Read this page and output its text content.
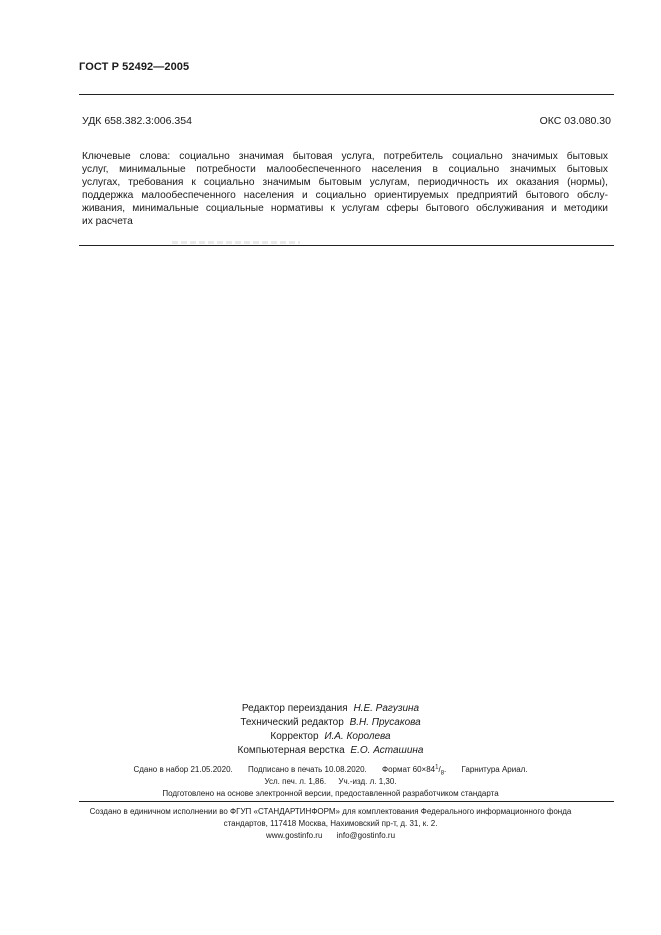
ГОСТ Р 52492—2005
УДК 658.382.3:006.354	ОКС 03.080.30
Ключевые слова: социально значимая бытовая услуга, потребитель социально значимых бытовых
услуг, минимальные потребности малообеспеченного населения в социально значимых бытовых
услугах, требования к социально значимым бытовым услугам, периодичность их оказания (нормы),
поддержка малообеспеченного населения и социально ориентируемых предприятий бытового обслу-
живания, минимальные социальные нормативы к услугам сферы бытового обслуживания и методики
их расчета
Редактор переиздания Н.Е. Рагузина
Технический редактор В.Н. Прусакова
Корректор И.А. Королева
Компьютерная верстка Е.О. Асташина
Сдано в набор 21.05.2020. Подписано в печать 10.08.2020. Формат $60\times 84^1/_8$. Гарнитура Ариал.
Усл. печ. л. 1,86. Уч.-изд. л. 1,30.
Подготовлено на основе электронной версии, предоставленной разработчиком стандарта
Создано в единичном исполнении во ФГУП «СТАНДАРТИНФОРМ» для комплектования Федерального информационного фонда
стандартов, 117418 Москва, Нахимовский пр-т, д. 31, к. 2.
www.gostinfo.ru info@gostinfo.ru
